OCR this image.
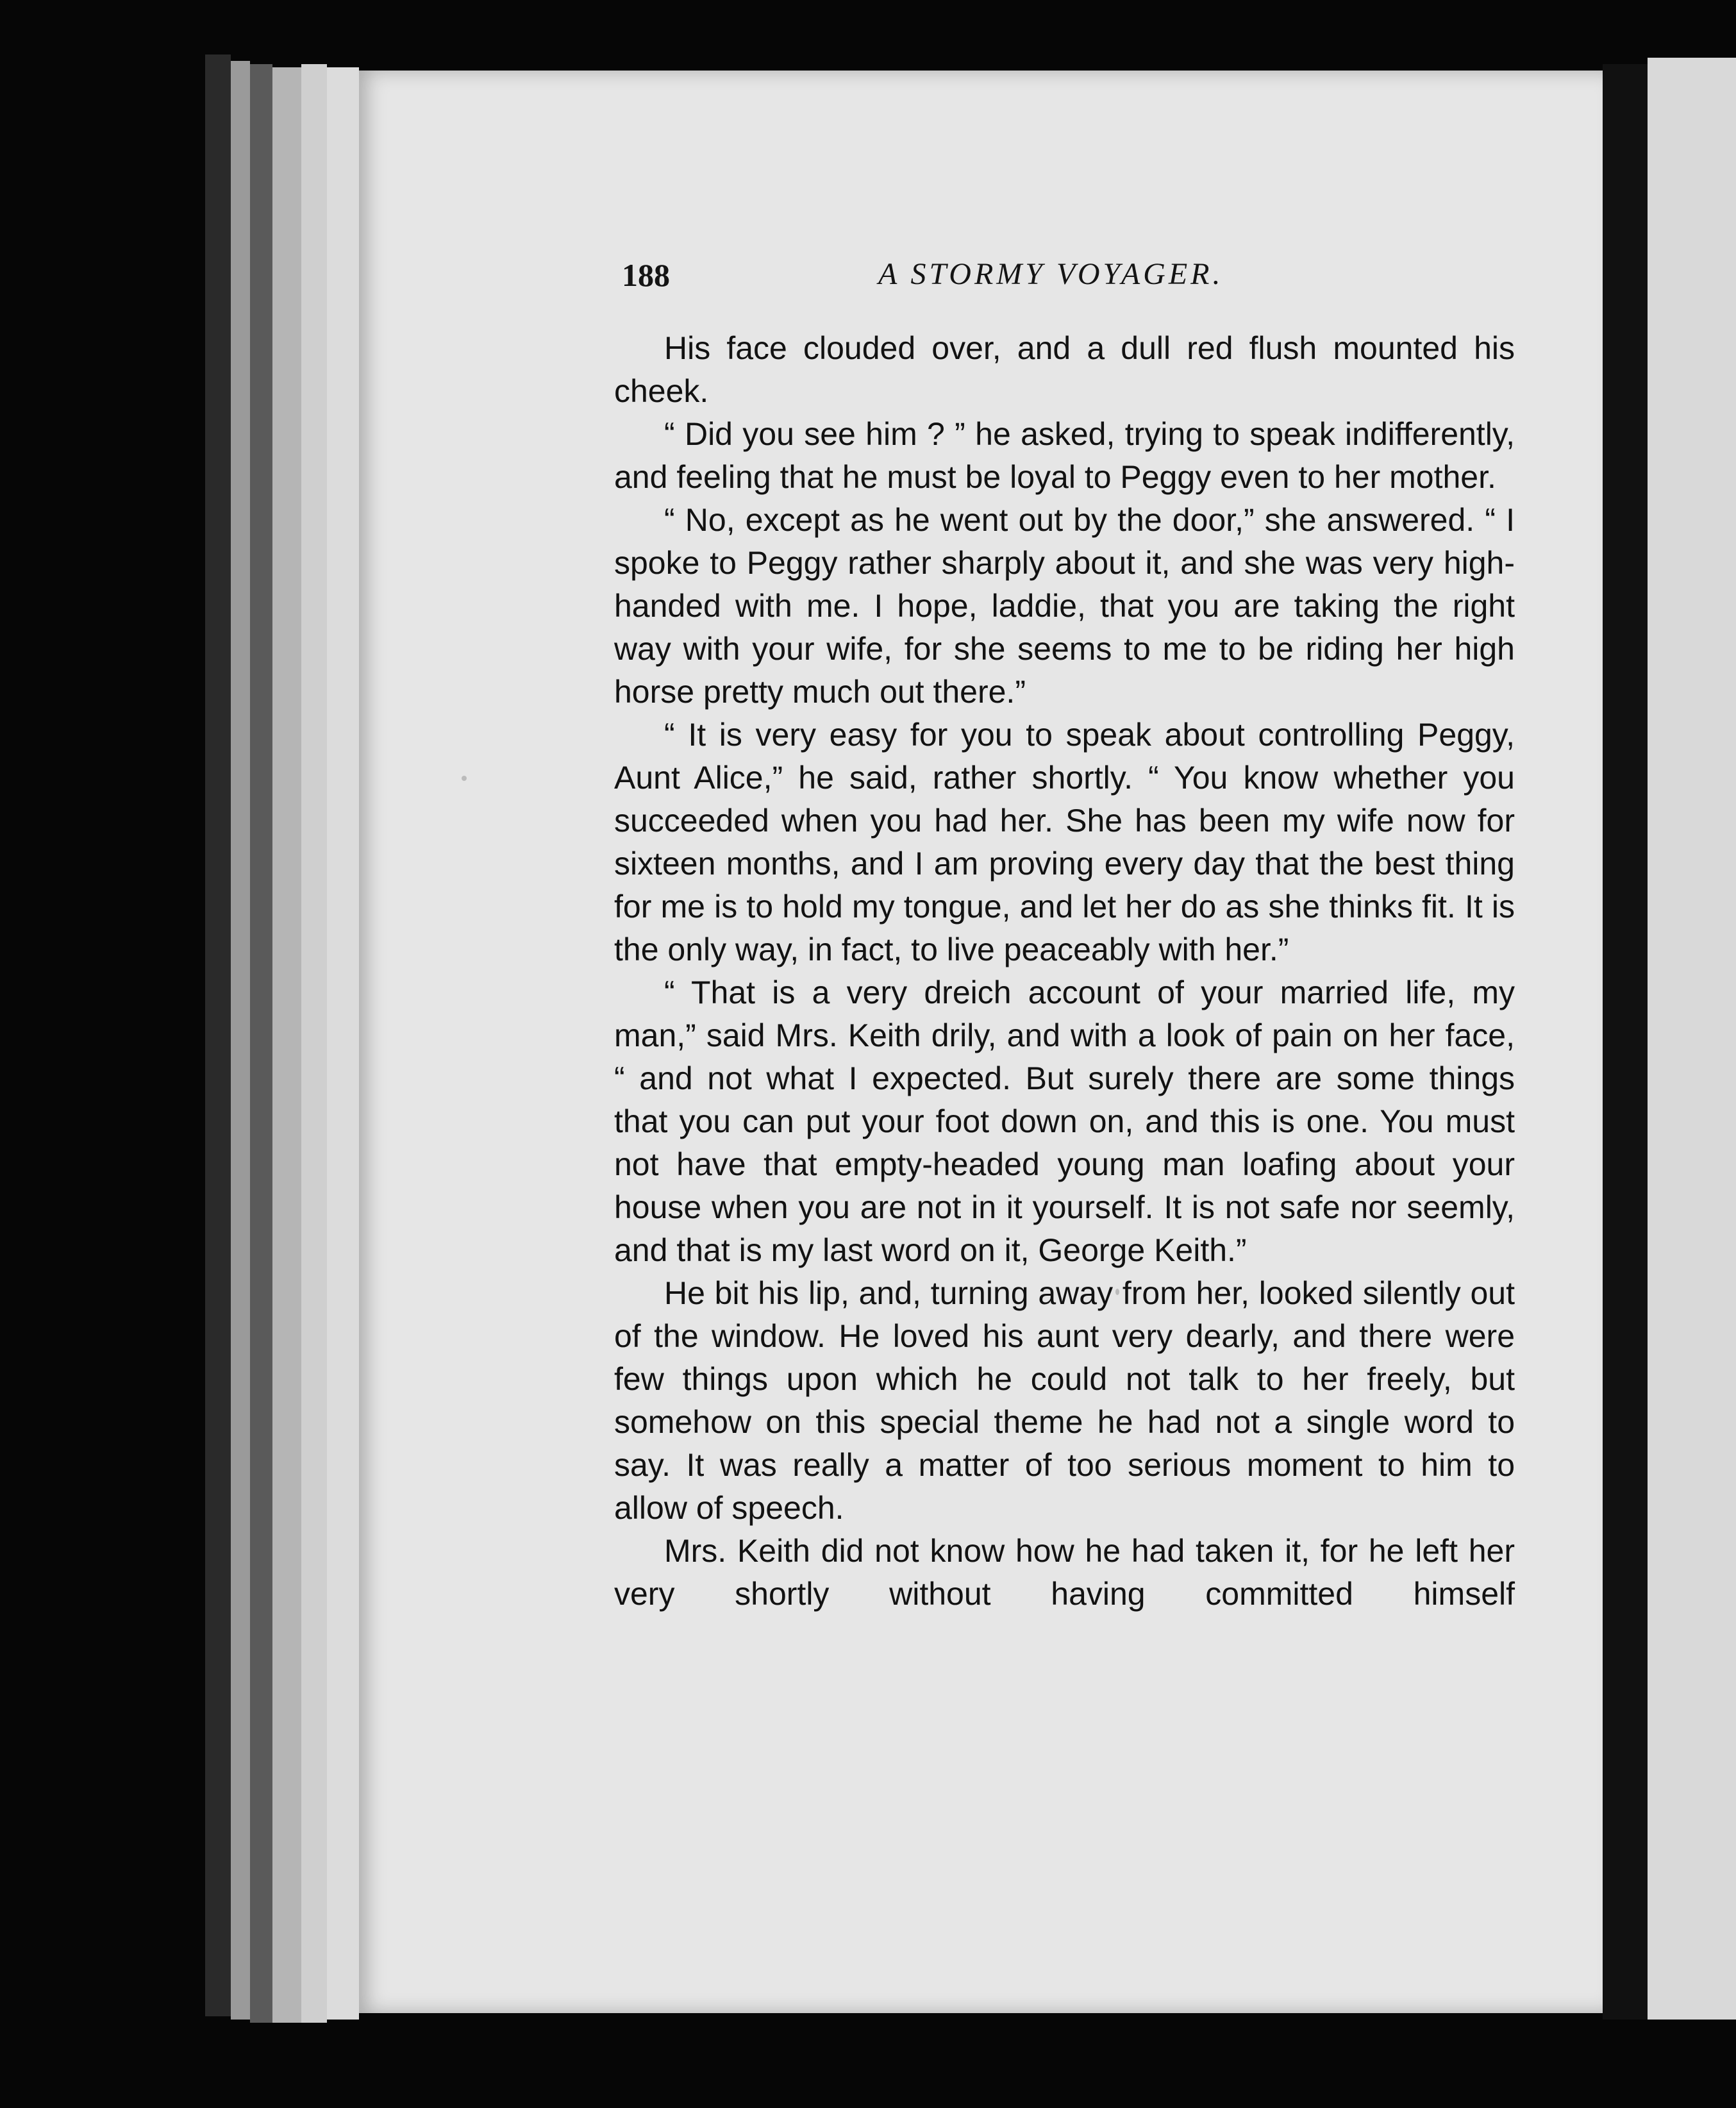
188	A STORMY VOYAGER.

His face clouded over, and a dull red flush mounted his cheek.

“ Did you see him ? ” he asked, trying to speak indifferently, and feeling that he must be loyal to Peggy even to her mother.

“ No, except as he went out by the door,” she answered. “ I spoke to Peggy rather sharply about it, and she was very high-handed with me. I hope, laddie, that you are taking the right way with your wife, for she seems to me to be riding her high horse pretty much out there.”

“ It is very easy for you to speak about controlling Peggy, Aunt Alice,” he said, rather shortly. “ You know whether you succeeded when you had her. She has been my wife now for sixteen months, and I am proving every day that the best thing for me is to hold my tongue, and let her do as she thinks fit. It is the only way, in fact, to live peaceably with her.”

“ That is a very dreich account of your married life, my man,” said Mrs. Keith drily, and with a look of pain on her face, “ and not what I expected. But surely there are some things that you can put your foot down on, and this is one. You must not have that empty-headed young man loafing about your house when you are not in it yourself. It is not safe nor seemly, and that is my last word on it, George Keith.”

He bit his lip, and, turning away from her, looked silently out of the window. He loved his aunt very dearly, and there were few things upon which he could not talk to her freely, but somehow on this special theme he had not a single word to say. It was really a matter of too serious moment to him to allow of speech.

Mrs. Keith did not know how he had taken it, for he left her very shortly without having committed himself
